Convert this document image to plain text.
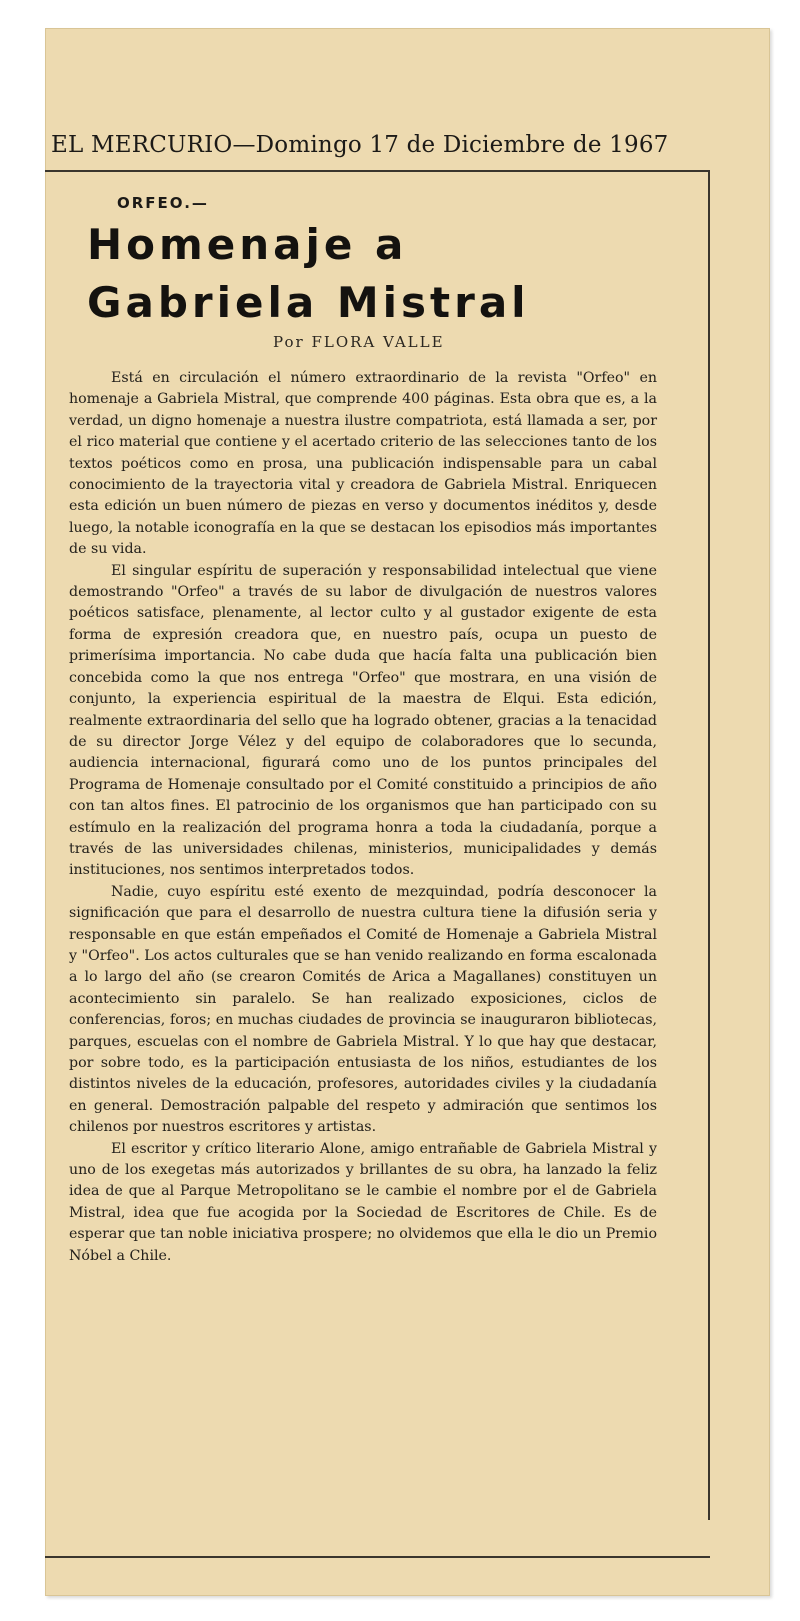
EL MERCURIO—Domingo 17 de Diciembre de 1967
ORFEO.—
Homenaje a
Gabriela Mistral
Por FLORA VALLE

Está en circulación el número extraordinario de la revista "Orfeo" en homenaje a Gabriela Mistral, que comprende 400 páginas. Esta obra que es, a la verdad, un digno homenaje a nuestra ilustre compatriota, está llamada a ser, por el rico material que contiene y el acertado criterio de las selecciones tanto de los textos poéticos como en prosa, una publicación indispensable para un cabal conocimiento de la trayectoria vital y creadora de Gabriela Mistral. Enriquecen esta edición un buen número de piezas en verso y documentos inéditos y, desde luego, la notable iconografía en la que se destacan los episodios más importantes de su vida.

El singular espíritu de superación y responsabilidad intelectual que viene demostrando "Orfeo" a través de su labor de divulgación de nuestros valores poéticos satisface, plenamente, al lector culto y al gustador exigente de esta forma de expresión creadora que, en nuestro país, ocupa un puesto de primerísima importancia. No cabe duda que hacía falta una publicación bien concebida como la que nos entrega "Orfeo" que mostrara, en una visión de conjunto, la experiencia espiritual de la maestra de Elqui. Esta edición, realmente extraordinaria del sello que ha logrado obtener, gracias a la tenacidad de su director Jorge Vélez y del equipo de colaboradores que lo secunda, audiencia internacional, figurará como uno de los puntos principales del Programa de Homenaje consultado por el Comité constituido a principios de año con tan altos fines. El patrocinio de los organismos que han participado con su estímulo en la realización del programa honra a toda la ciudadanía, porque a través de las universidades chilenas, ministerios, municipalidades y demás instituciones, nos sentimos interpretados todos.

Nadie, cuyo espíritu esté exento de mezquindad, podría desconocer la significación que para el desarrollo de nuestra cultura tiene la difusión seria y responsable en que están empeñados el Comité de Homenaje a Gabriela Mistral y "Orfeo". Los actos culturales que se han venido realizando en forma escalonada a lo largo del año (se crearon Comités de Arica a Magallanes) constituyen un acontecimiento sin paralelo. Se han realizado exposiciones, ciclos de conferencias, foros; en muchas ciudades de provincia se inauguraron bibliotecas, parques, escuelas con el nombre de Gabriela Mistral. Y lo que hay que destacar, por sobre todo, es la participación entusiasta de los niños, estudiantes de los distintos niveles de la educación, profesores, autoridades civiles y la ciudadanía en general. Demostración palpable del respeto y admiración que sentimos los chilenos por nuestros escritores y artistas.

El escritor y crítico literario Alone, amigo entrañable de Gabriela Mistral y uno de los exegetas más autorizados y brillantes de su obra, ha lanzado la feliz idea de que al Parque Metropolitano se le cambie el nombre por el de Gabriela Mistral, idea que fue acogida por la Sociedad de Escritores de Chile. Es de esperar que tan noble iniciativa prospere; no olvidemos que ella le dio un Premio Nóbel a Chile.
